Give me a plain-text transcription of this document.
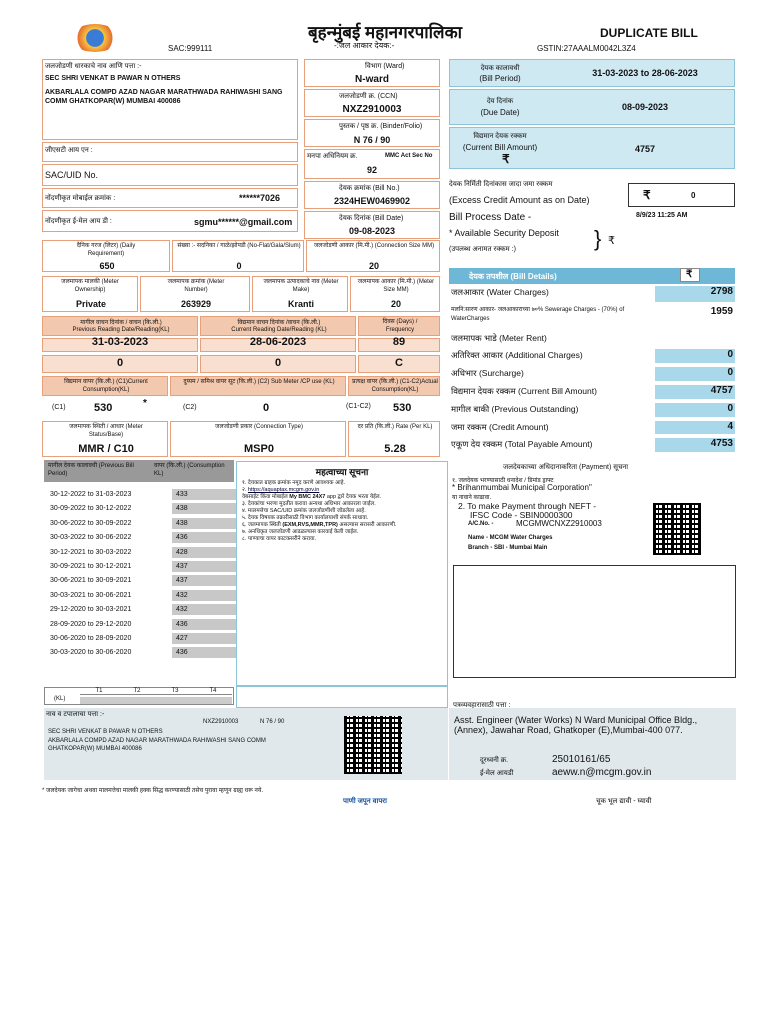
बृहन्मुंबई महानगरपालिका	DUPLICATE BILL
SAC:999111	-:जल आकार देयक:-	GSTIN:27AAALM0042L3Z4
जलजोडणी धारकाचे नाव आणि पत्ता :-
SEC SHRI VENKAT B PAWAR N OTHERS
AKBARLALA COMPD AZAD NAGAR MARATHWADA RAHIWASHI SANG COMM GHATKOPAR(W) MUMBAI 400086
जीएसटी आय एन :
SAC/UID No.
नोंदणीकृत मोबाईल क्रमांक :	******7026
नोंदणीकृत ई-मेल आय डी :	sgmu******@gmail.com
विभाग (Ward)
N-ward
जलजोडणी क्र. (CCN)
NXZ2910003
पुस्तक / पृष्ठ क्र. (Binder/Folio)
N 76 / 90
मनपा अधिनियम क्र.	MMC Act Sec No
92
देयक क्रमांक (Bill No.)
2324HEW0469902
देयक दिनांक (Bill Date)
09-08-2023
देयक कालावधी
(Bill Period)
31-03-2023 to 28-06-2023
देय दिनांक
(Due Date)
08-09-2023
विद्यमान देयक रक्कम
(Current Bill Amount)
₹
4757
देयक निर्मिती दिनांकास जादा जमा रक्कम
(Excess Credit Amount as on Date)	₹	0
Bill Process Date -	8/9/23 11:25 AM
* Available Security Deposit
(उपलब्ध अनामत रक्कम :)	} ₹
दैनिक गरज (लिटर) (Daily Requirement)
650
संख्या :- सदनिका / गाळे/झोपडी (No-Flat/Gala/Slum)
0
जलजोडणी आकार (मि.मी.) (Connection Size MM)
20
जलमापक मालकी (Meter Ownership)
Private
जलमापक क्रमांक (Meter Number)
263929
जलमापक उत्पादकाचे नाव (Meter Make)
Kranti
जलमापक आकार (मि.मी.) (Meter Size MM)
20
मागील वाचन दिनांक / वाचन (कि.ली.)
Previous Reading Date/Reading(KL)
विद्यमान वाचन दिनांक /वाचन (कि.ली.)
Current Reading Date/Reading (KL)
दिवस (Days) / Frequency
31-03-2023	28-06-2023	89
0	0	C
विद्यमान वापर (कि.ली.) (C1)Current Consumption(KL)
दुय्यम / समिश्र वापर सूट (कि.ली.) (C2) Sub Meter /CP use (KL)	प्रत्यक्ष वापर (कि.ली.) (C1-C2)Actual Consumption(KL)
(C1)	530	*	(C2)	0	(C1-C2) 530
जलमापक स्थिती / आधार (Meter Status/Base)
MMR / C10
जलजोडणी प्रकार (Connection Type)
MSP0
दर प्रति (कि.ली.) Rate (Per KL)
5.28
देयक तपशील (Bill Details)	₹
जलआकार (Water Charges)	2798
मलनि:सारण आकार- जलआकाराच्या ७०% Sewerage Charges - (70%) of WaterCharges
1959
जलमापक भाडे (Meter Rent)
अतिरिक्त आकार (Additional Charges)	0
अधिभार (Surcharge)	0
विद्यमान देयक रक्कम (Current Bill Amount)	4757
मागील बाकी (Previous Outstanding)	0
जमा रक्कम (Credit Amount)	4
एकूण देय रक्कम (Total Payable Amount)	4753
मागील देयक कालावधी (Previous Bill Period)
वापर (कि.ली.) (Consumption KL)
30-12-2022 to 31-03-2023	433
30-09-2022 to 30-12-2022	438
30-06-2022 to 30-09-2022	438
30-03-2022 to 30-06-2022	436
30-12-2021 to 30-03-2022	428
30-09-2021 to 30-12-2021	437
30-06-2021 to 30-09-2021	437
30-03-2021 to 30-06-2021	432
29-12-2020 to 30-03-2021	432
28-09-2020 to 29-12-2020	436
30-06-2020 to 28-09-2020	427
30-03-2020 to 30-06-2020	436
(KL)
T1
0
T2
0
T3
0
T4
0
महत्वाच्या सूचना
१. देयकात ग्राहक क्रमांक नमूद करणे आवश्यक आहे.
२. https://aquaptax.mcgm.gov.in
वेबसाईट किंवा मोबाईल My BMC 24X7 app द्वारे देयक भरता येईल.
३. देयकांचा भरणा मुदतीत करावा अन्यथा अधिभार आकारला जाईल.
४. मालमत्तेचा SAC/UID क्रमांक जलजोडणीशी जोडलेला आहे.
५. देयक विषयक तक्रारीसाठी विभाग कार्यालयाशी संपर्क साधावा.
६. जलमापक स्थिती (EXM,RVS,MMR,TPR) असल्यास सरासरी आकारणी.
७. अनधिकृत जलजोडणी आढळल्यास कारवाई केली जाईल.
८. पाण्याचा वापर काटकसरीने करावा.
जलदेयकाच्या अधिदानाकरिता (Payment) सूचना
१. जलदेयक भरण्यासाठी धनादेश / डिमांड ड्राफ्ट
* Brihanmumbai Municipal Corporation"
या नावाने काढावा.
2. To make Payment through NEFT -
IFSC Code - SBIN0000300
A/C.No. -	MCGMWCNXZ2910003
Name - MCGM Water Charges
Branch - SBI - Mumbai Main
नाव व टपालाचा पत्ता :-
NXZ2910003	N 76 / 90
SEC SHRI VENKAT B PAWAR N OTHERS
AKBARLALA COMPD AZAD NAGAR MARATHWADA RAHIWASHI SANG COMM GHATKOPAR(W) MUMBAI 400086
पत्रव्यवहारासाठी पत्ता :
Asst. Engineer (Water Works) N Ward Municipal Office Bldg.,(Annex), Jawahar Road, Ghatkoper (E),Mumbai-400 077.
दूरध्वनी क्र.	25010161/65
ई-मेल आयडी	aeww.n@mcgm.gov.in
* जलदेयक जागेचा अथवा मालमत्तेचा मालकी हक्क सिद्ध करण्यासाठी तसेच पुरावा म्हणून ग्राह्य धरू नये.
पाणी जपून वापरा	चूक भूल द्यावी - घ्यावी
